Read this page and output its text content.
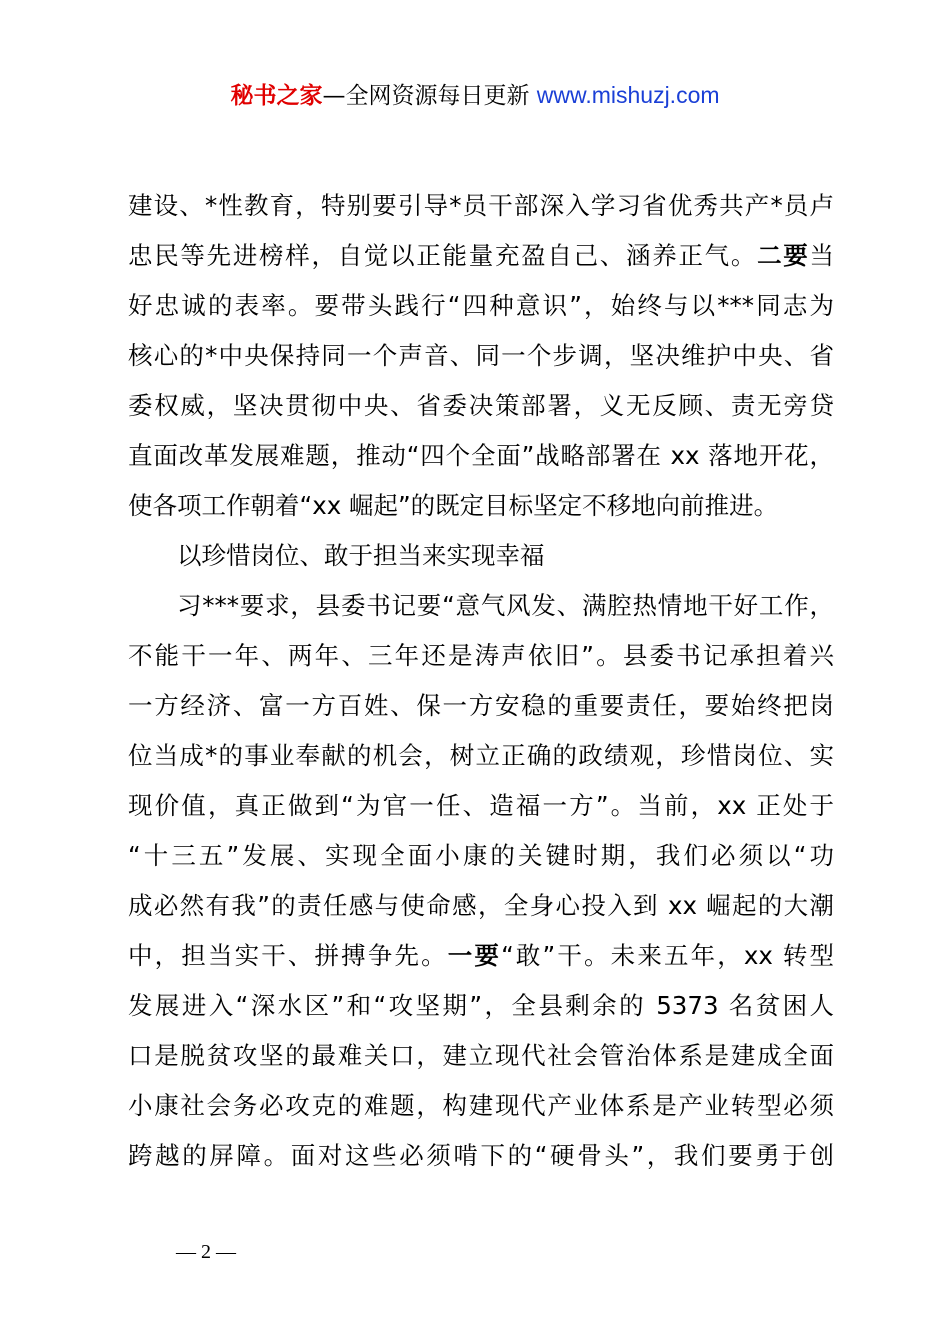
秘书之家—全网资源每日更新 www.mishuzj.com
建设、*性教育，特别要引导*员干部深入学习省优秀共产*员卢
忠民等先进榜样，自觉以正能量充盈自己、涵养正气。二要当
好忠诚的表率。要带头践行“四种意识”，始终与以***同志为
核心的*中央保持同一个声音、同一个步调，坚决维护中央、省
委权威，坚决贯彻中央、省委决策部署，义无反顾、责无旁贷
直面改革发展难题，推动“四个全面”战略部署在 xx 落地开花，
使各项工作朝着“xx 崛起”的既定目标坚定不移地向前推进。
以珍惜岗位、敢于担当来实现幸福
习***要求，县委书记要“意气风发、满腔热情地干好工作，
不能干一年、两年、三年还是涛声依旧”。县委书记承担着兴
一方经济、富一方百姓、保一方安稳的重要责任，要始终把岗
位当成*的事业奉献的机会，树立正确的政绩观，珍惜岗位、实
现价值，真正做到“为官一任、造福一方”。当前，xx 正处于
“十三五”发展、实现全面小康的关键时期，我们必须以“功
成必然有我”的责任感与使命感，全身心投入到 xx 崛起的大潮
中，担当实干、拼搏争先。一要“敢”干。未来五年，xx 转型
发展进入“深水区”和“攻坚期”，全县剩余的 5373 名贫困人
口是脱贫攻坚的最难关口，建立现代社会管治体系是建成全面
小康社会务必攻克的难题，构建现代产业体系是产业转型必须
跨越的屏障。面对这些必须啃下的“硬骨头”，我们要勇于创
— 2 —
